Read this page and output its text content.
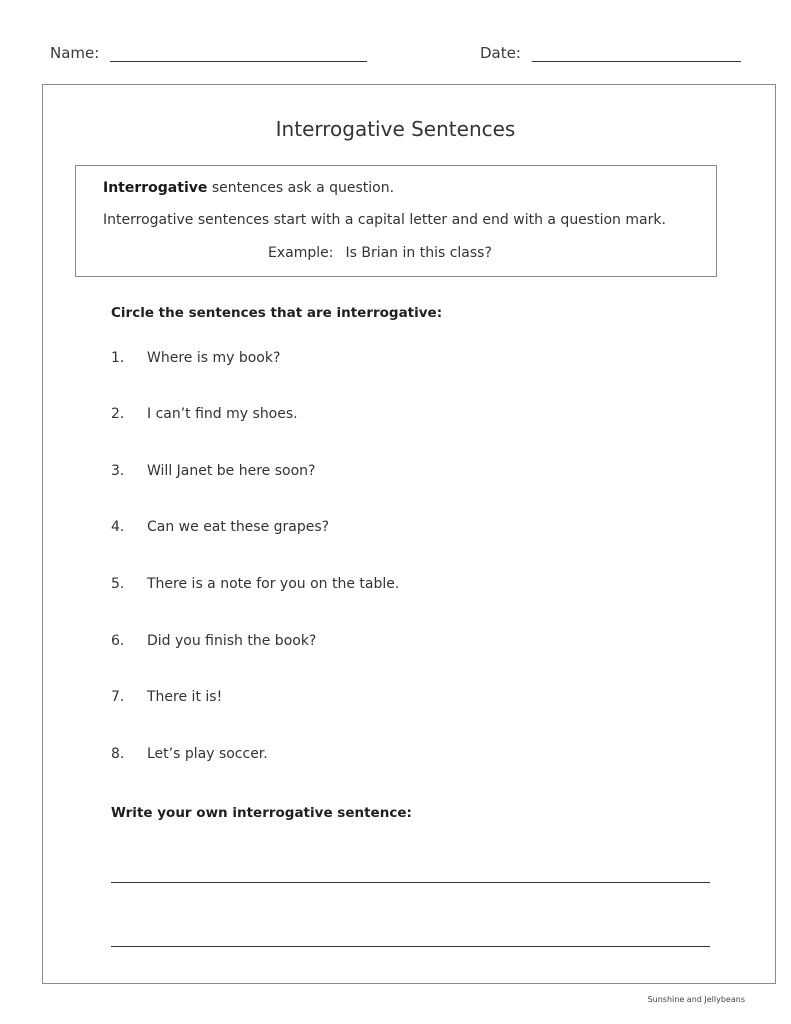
Name:	Date:
Interrogative Sentences
Interrogative sentences ask a question.
Interrogative sentences start with a capital letter and end with a question mark.
Example: Is Brian in this class?
Circle the sentences that are interrogative:
1. Where is my book?
2. I can’t find my shoes.
3. Will Janet be here soon?
4. Can we eat these grapes?
5. There is a note for you on the table.
6. Did you finish the book?
7. There it is!
8. Let’s play soccer.
Write your own interrogative sentence:
Sunshine and Jellybeans
